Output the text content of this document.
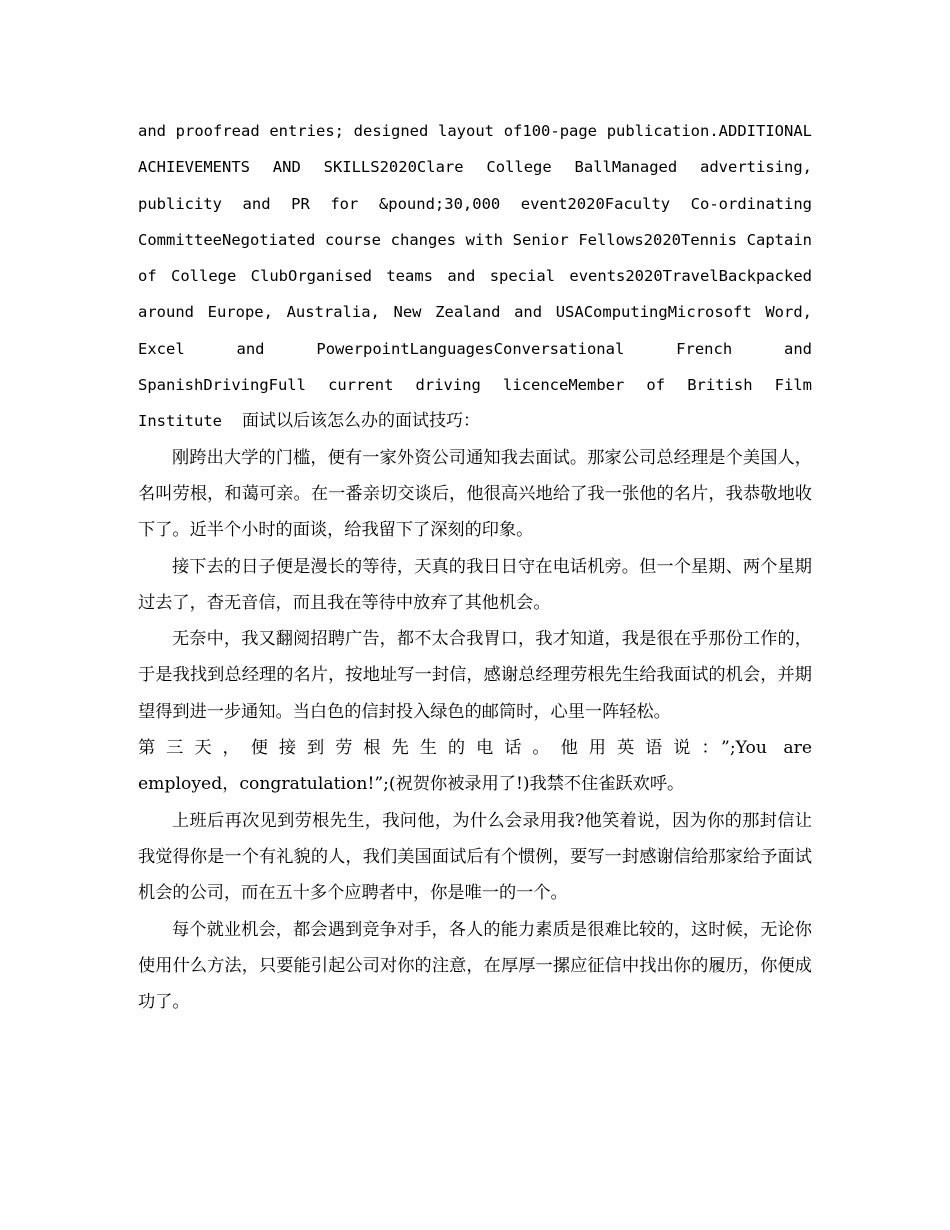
and proofread entries; designed layout of100-page publication.ADDITIONAL ACHIEVEMENTS AND SKILLS2020Clare College BallManaged advertising, publicity and PR for &pound;30,000 event2020Faculty Co-ordinating CommitteeNegotiated course changes with Senior Fellows2020Tennis Captain of College ClubOrganised teams and special events2020TravelBackpacked around Europe, Australia, New Zealand and USAComputingMicrosoft Word, Excel and PowerpointLanguagesConversational French and SpanishDrivingFull current driving licenceMember of British Film Institute 面试以后该怎么办的面试技巧：

刚跨出大学的门槛，便有一家外资公司通知我去面试。那家公司总经理是个美国人，名叫劳根，和蔼可亲。在一番亲切交谈后，他很高兴地给了我一张他的名片，我恭敬地收下了。近半个小时的面谈，给我留下了深刻的印象。

接下去的日子便是漫长的等待，天真的我日日守在电话机旁。但一个星期、两个星期过去了，杳无音信，而且我在等待中放弃了其他机会。

无奈中，我又翻阅招聘广告，都不太合我胃口，我才知道，我是很在乎那份工作的，于是我找到总经理的名片，按地址写一封信，感谢总经理劳根先生给我面试的机会，并期望得到进一步通知。当白色的信封投入绿色的邮筒时，心里一阵轻松。

第三天，便接到劳根先生的电话。他用英语说：”;You are
employed，congratulation!”;(祝贺你被录用了!)我禁不住雀跃欢呼。

上班后再次见到劳根先生，我问他，为什么会录用我?他笑着说，因为你的那封信让我觉得你是一个有礼貌的人，我们美国面试后有个惯例，要写一封感谢信给那家给予面试机会的公司，而在五十多个应聘者中，你是唯一的一个。

每个就业机会，都会遇到竞争对手，各人的能力素质是很难比较的，这时候，无论你使用什么方法，只要能引起公司对你的注意，在厚厚一摞应征信中找出你的履历，你便成功了。
